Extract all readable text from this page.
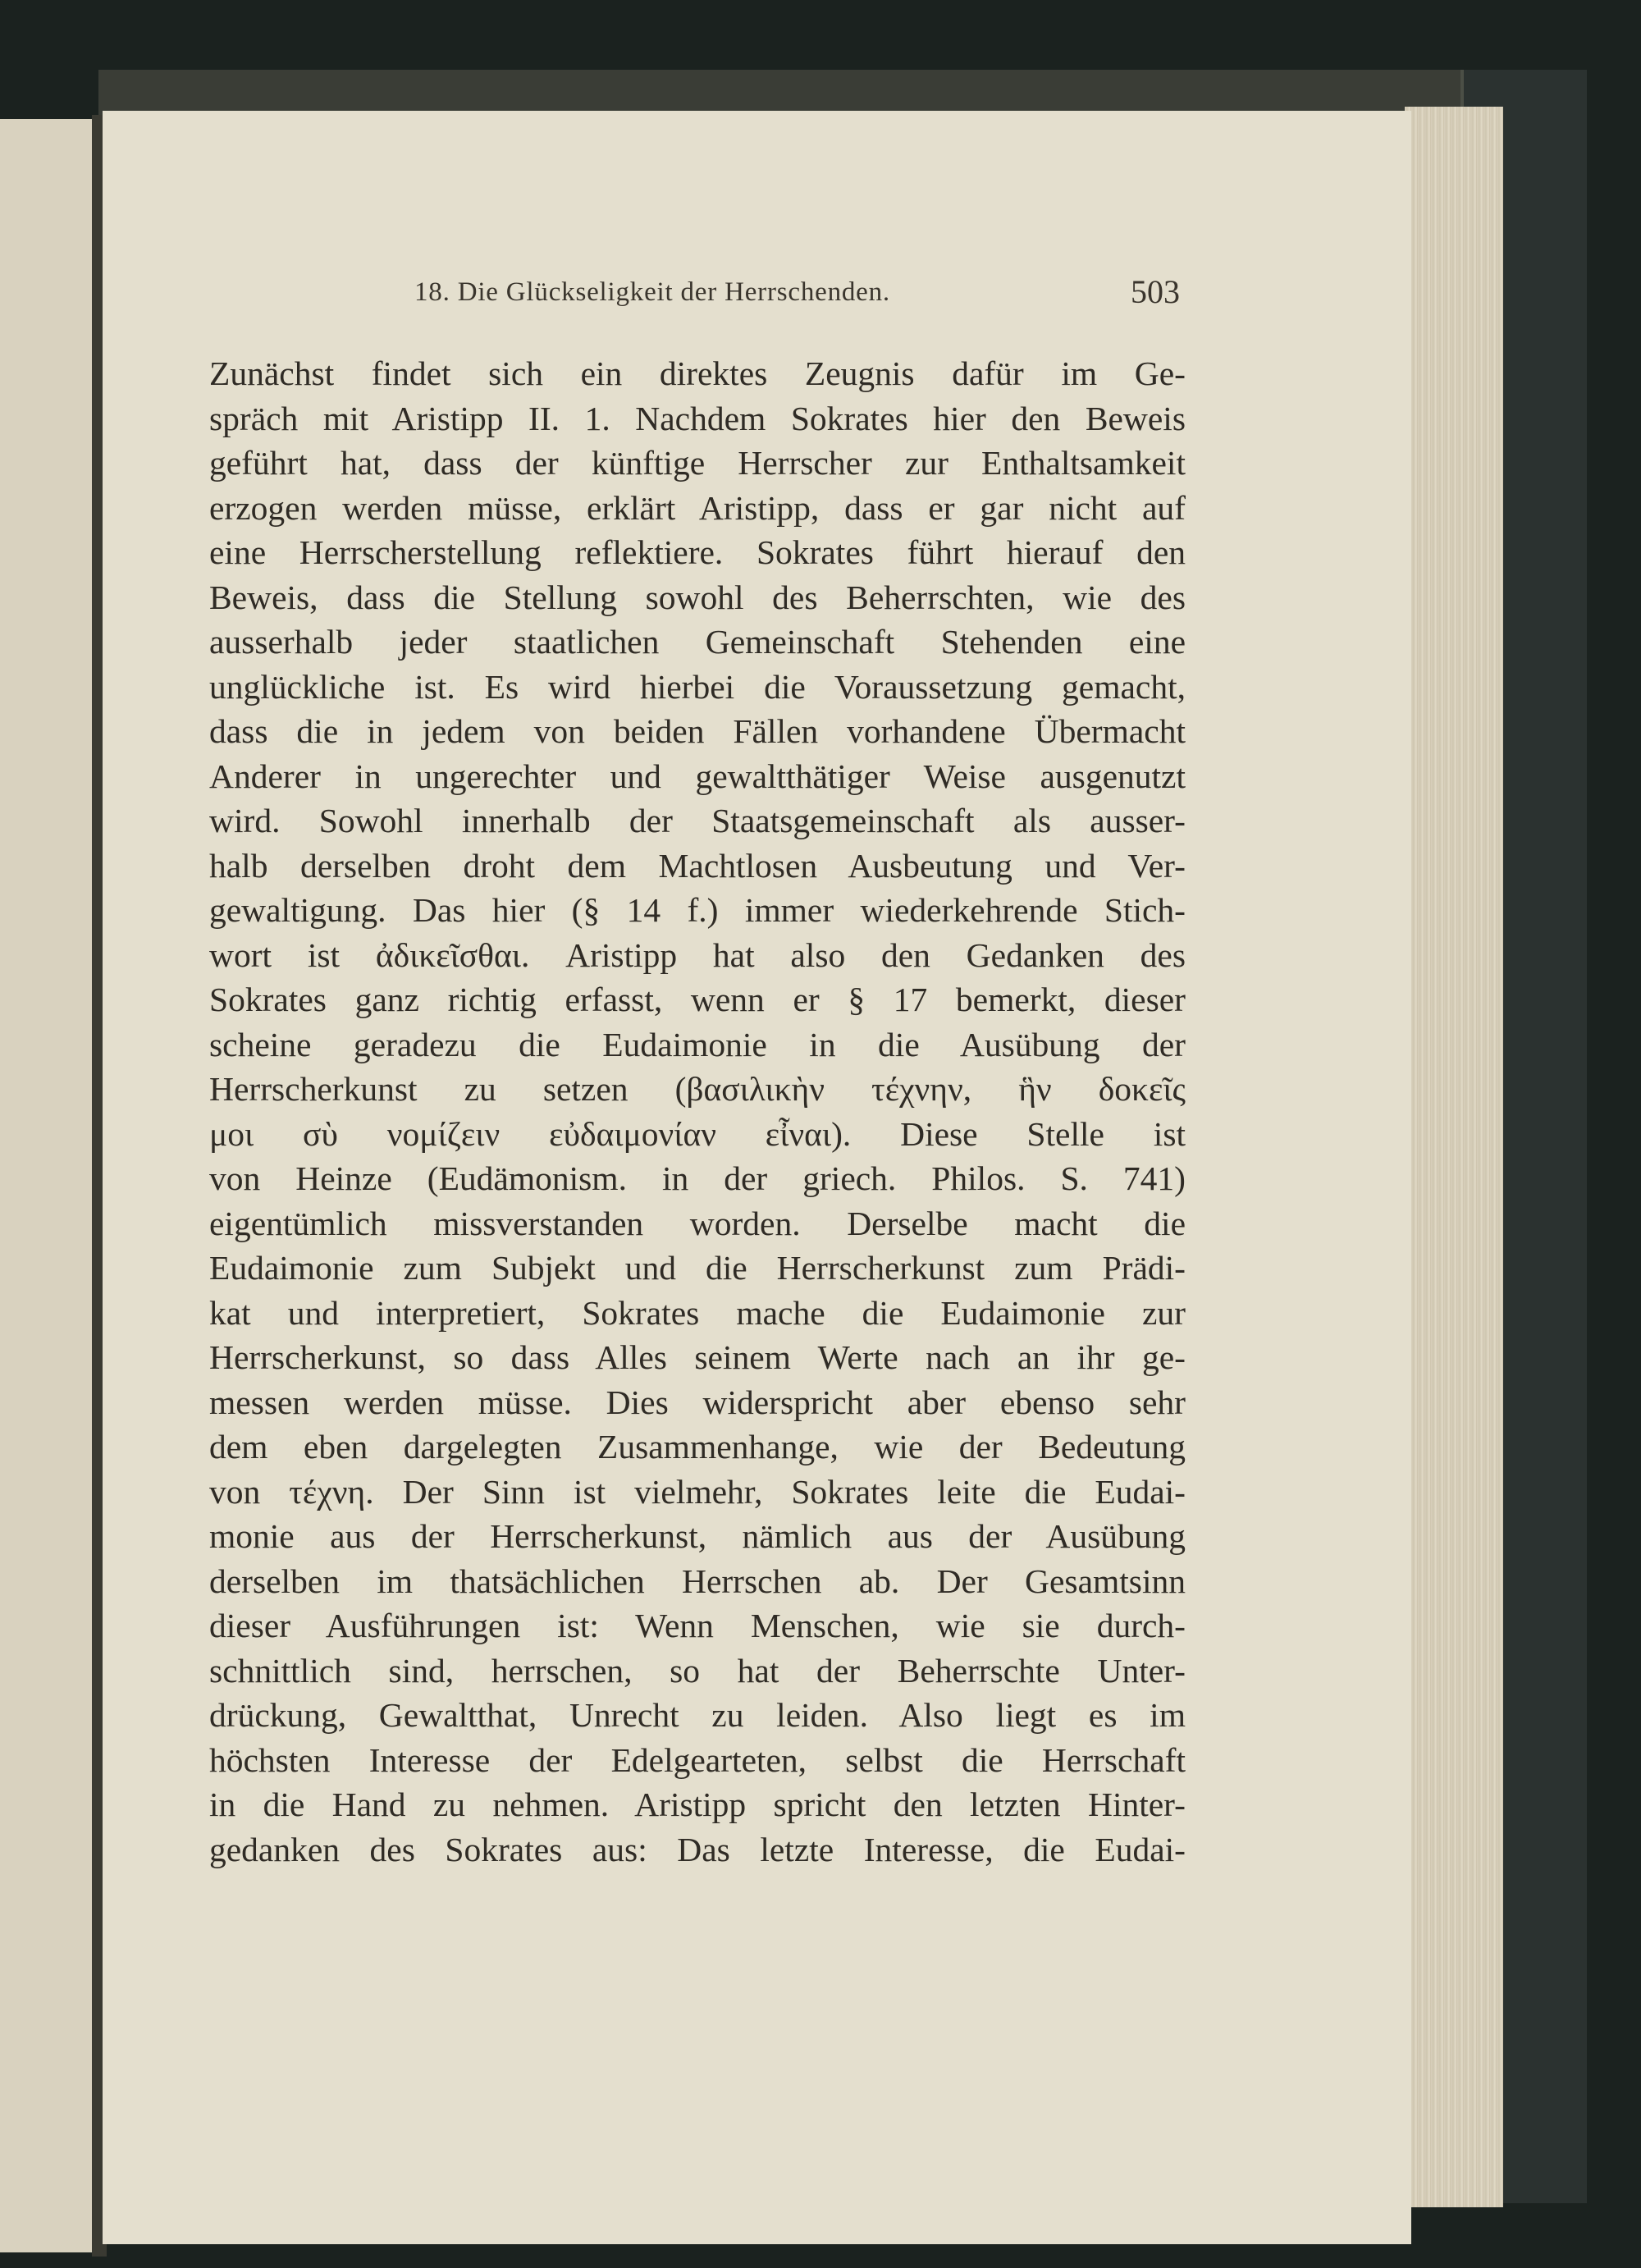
18. Die Glückseligkeit der Herrschenden.	503
Zunächst findet sich ein direktes Zeugnis dafür im Ge-
spräch mit Aristipp II. 1. Nachdem Sokrates hier den Beweis
geführt hat, dass der künftige Herrscher zur Enthaltsamkeit
erzogen werden müsse, erklärt Aristipp, dass er gar nicht auf
eine Herrscherstellung reflektiere. Sokrates führt hierauf den
Beweis, dass die Stellung sowohl des Beherrschten, wie des
ausserhalb jeder staatlichen Gemeinschaft Stehenden eine
unglückliche ist. Es wird hierbei die Voraussetzung gemacht,
dass die in jedem von beiden Fällen vorhandene Übermacht
Anderer in ungerechter und gewaltthätiger Weise ausgenutzt
wird. Sowohl innerhalb der Staatsgemeinschaft als ausser-
halb derselben droht dem Machtlosen Ausbeutung und Ver-
gewaltigung. Das hier (§ 14 f.) immer wiederkehrende Stich-
wort ist ἀδικεῖσθαι. Aristipp hat also den Gedanken des
Sokrates ganz richtig erfasst, wenn er § 17 bemerkt, dieser
scheine geradezu die Eudaimonie in die Ausübung der
Herrscherkunst zu setzen (βασιλικὴν τέχνην, ἣν δοκεῖς
μοι σὺ νομίζειν εὐδαιμονίαν εἶναι). Diese Stelle ist
von Heinze (Eudämonism. in der griech. Philos. S. 741)
eigentümlich missverstanden worden. Derselbe macht die
Eudaimonie zum Subjekt und die Herrscherkunst zum Prädi-
kat und interpretiert, Sokrates mache die Eudaimonie zur
Herrscherkunst, so dass Alles seinem Werte nach an ihr ge-
messen werden müsse. Dies widerspricht aber ebenso sehr
dem eben dargelegten Zusammenhange, wie der Bedeutung
von τέχνη. Der Sinn ist vielmehr, Sokrates leite die Eudai-
monie aus der Herrscherkunst, nämlich aus der Ausübung
derselben im thatsächlichen Herrschen ab. Der Gesamtsinn
dieser Ausführungen ist: Wenn Menschen, wie sie durch-
schnittlich sind, herrschen, so hat der Beherrschte Unter-
drückung, Gewaltthat, Unrecht zu leiden. Also liegt es im
höchsten Interesse der Edelgearteten, selbst die Herrschaft
in die Hand zu nehmen. Aristipp spricht den letzten Hinter-
gedanken des Sokrates aus: Das letzte Interesse, die Eudai-
